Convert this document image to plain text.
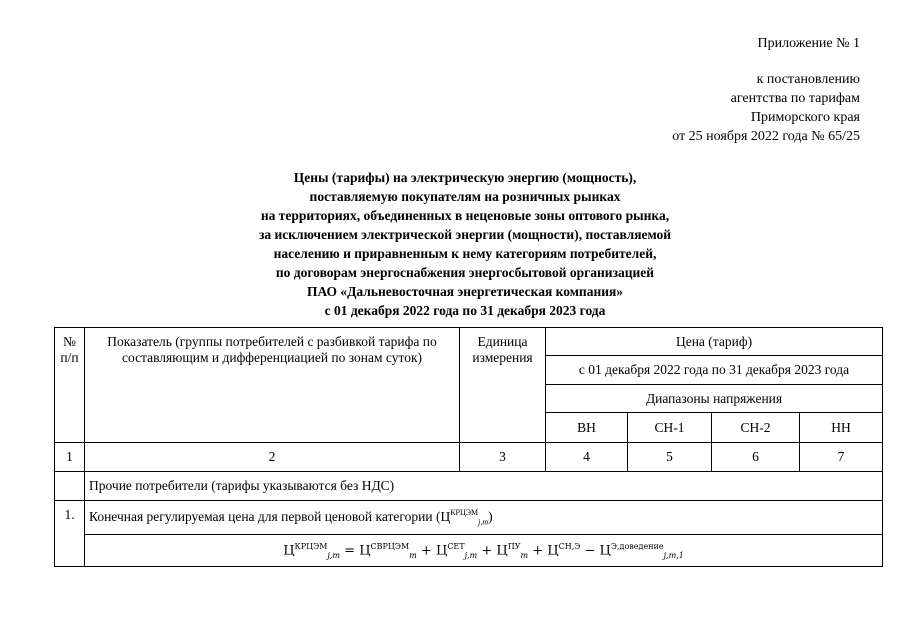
Приложение № 1
к постановлению
агентства по тарифам
Приморского края
от 25 ноября 2022 года № 65/25
Цены (тарифы) на электрическую энергию (мощность),
поставляемую покупателям на розничных рынках
на территориях, объединенных в неценовые зоны оптового рынка,
за исключением электрической энергии (мощности), поставляемой
населению и приравненным к нему категориям потребителей,
по договорам энергоснабжения энергосбытовой организацией
ПАО «Дальневосточная энергетическая компания»
с 01 декабря 2022 года по 31 декабря 2023 года
№ п/п	Показатель (группы потребителей с разбивкой тарифа по составляющим и дифференциацией по зонам суток)	Единица измерения	Цена (тариф)			
			с 01 декабря 2022 года по 31 декабря 2023 года			
			Диапазоны напряжения			
			ВН	СН-1	СН-2	НН
1	2	3	4	5	6	7
	Прочие потребители (тарифы указываются без НДС)					
1.	Конечная регулируемая цена для первой ценовой категории $(Ц^{КРЦЭМ}_{j,m})$					
	$Ц^{КРЦЭМ}_{j,m} = Ц^{СВРЦЭМ}_m + Ц^{СЕТ}_{j,m} + Ц^{ПУ}_m + Ц^{СН,Э} - Ц^{Э,доведение}_{j,m,1}$
